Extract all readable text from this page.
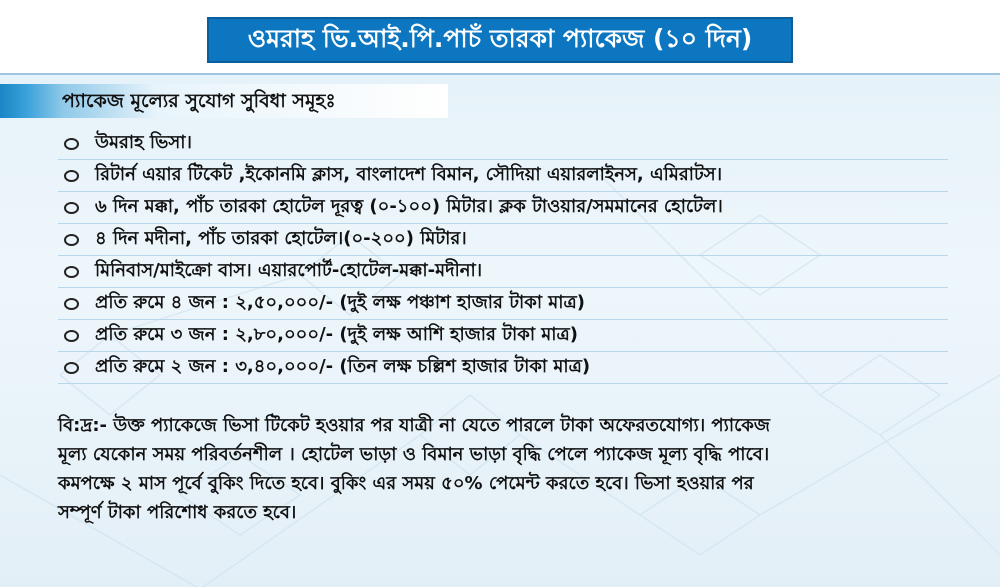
ওমরাহ ভি.আই.পি.পাচঁ তারকা প্যাকেজ (১০ দিন)
প্যাকেজ মূল্যের সুযোগ সুবিধা সমূহঃ
উমরাহ ভিসা।
রিটার্ন এয়ার টিকেট ,ইকোনমি ক্লাস, বাংলাদেশ বিমান, সৌদিয়া এয়ারলাইনস, এমিরাটস।
৬ দিন মক্কা, পাঁচ তারকা হোটেল দূরত্ব (০-১০০) মিটার। ক্লক টাওয়ার/সমমানের হোটেল।
৪ দিন মদীনা, পাঁচ তারকা হোটেল।(০-২০০) মিটার।
মিনিবাস/মাইক্রো বাস। এয়ারপোর্ট-হোটেল-মক্কা-মদীনা।
প্রতি রুমে ৪ জন : ২,৫০,০০০/- (দুই লক্ষ পঞ্চাশ হাজার টাকা মাত্র)
প্রতি রুমে ৩ জন : ২,৮০,০০০/- (দুই লক্ষ আশি হাজার টাকা মাত্র)
প্রতি রুমে ২ জন : ৩,৪০,০০০/- (তিন লক্ষ চল্লিশ হাজার টাকা মাত্র)
বি:দ্র:- উক্ত প্যাকেজে ভিসা টিকেট হওয়ার পর যাত্রী না যেতে পারলে টাকা অফেরতযোগ্য। প্যাকেজ
মূল্য যেকোন সময় পরিবর্তনশীল । হোটেল ভাড়া ও বিমান ভাড়া বৃদ্ধি পেলে প্যাকেজ মূল্য বৃদ্ধি পাবে।
কমপক্ষে ২ মাস পূর্বে বুকিং দিতে হবে। বুকিং এর সময় ৫০% পেমেন্ট করতে হবে। ভিসা হওয়ার পর
সম্পূর্ণ টাকা পরিশোধ করতে হবে।
